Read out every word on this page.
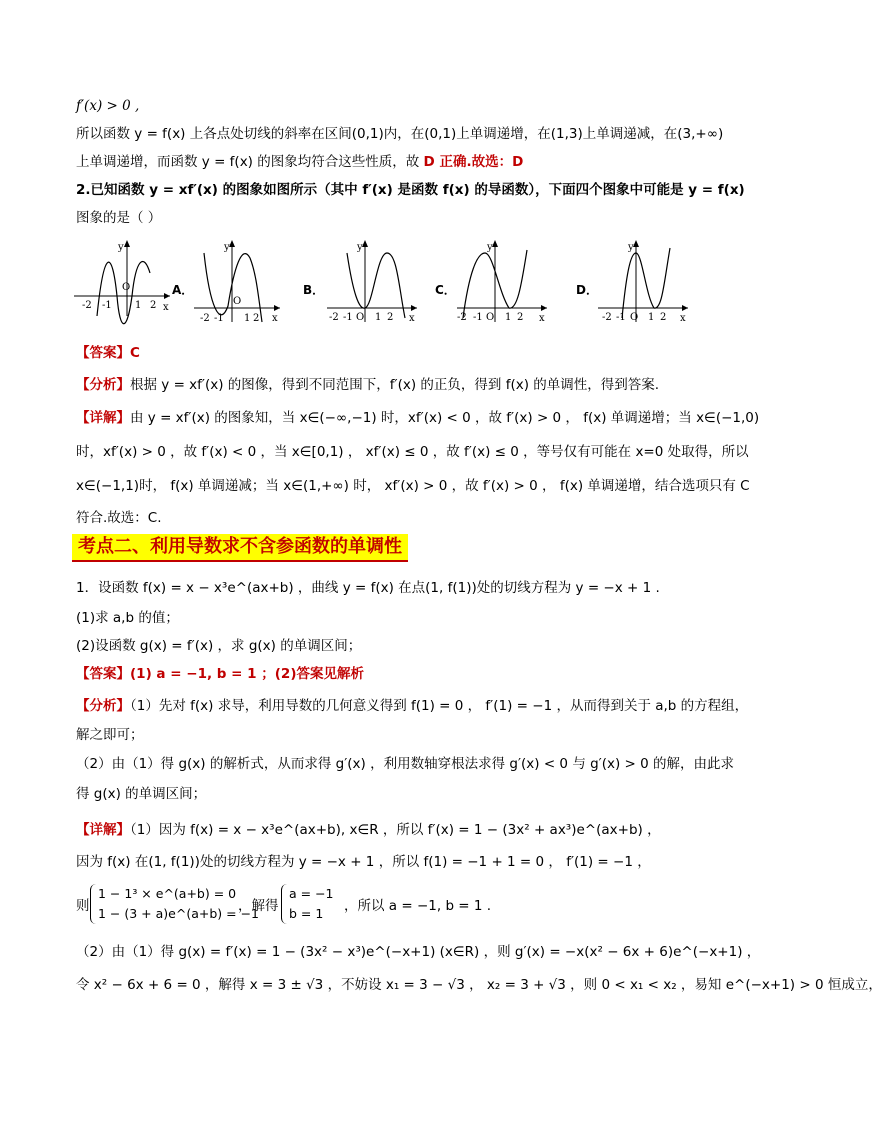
f′(x) > 0 ,
所以函数 y = f(x) 上各点处切线的斜率在区间(0,1)内，在(0,1)上单调递增，在(1,3)上单调递减，在(3,+∞)
上单调递增，而函数 y = f(x) 的图象均符合这些性质，故 D 正确.故选：D
2.已知函数 y = xf′(x) 的图象如图所示（其中 f′(x) 是函数 f(x) 的导函数），下面四个图象中可能是 y = f(x)
图象的是（ ）
y
x
O
-2 -1 1 2
A．
y
x
O
-2 -1 1 2
B．
y
x
O
-2 -1 1 2
C．
y
x
O
-2 -1 1 2
D．
y
x
O
-2 -1 1 2
【答案】C
【分析】根据 y = xf′(x) 的图像，得到不同范围下，f′(x) 的正负，得到 f(x) 的单调性，得到答案.
【详解】由 y = xf′(x) 的图象知，当 x∈(−∞,−1) 时，xf′(x) < 0 ，故 f′(x) > 0 ， f(x) 单调递增；当 x∈(−1,0)
时，xf′(x) > 0 ，故 f′(x) < 0 ，当 x∈[0,1) ， xf′(x) ≤ 0 ，故 f′(x) ≤ 0 ，等号仅有可能在 x=0 处取得，所以
x∈(−1,1)时， f(x) 单调递减；当 x∈(1,+∞) 时， xf′(x) > 0 ，故 f′(x) > 0 ， f(x) 单调递增，结合选项只有 C
符合.故选：C.
考点二、利用导数求不含参函数的单调性
1．设函数 f(x) = x − x³e^(ax+b) ，曲线 y = f(x) 在点(1, f(1))处的切线方程为 y = −x + 1 .
(1)求 a,b 的值；
(2)设函数 g(x) = f′(x) ，求 g(x) 的单调区间；
【答案】(1) a = −1, b = 1 ；(2)答案见解析
【分析】（1）先对 f(x) 求导，利用导数的几何意义得到 f(1) = 0 ， f′(1) = −1 ，从而得到关于 a,b 的方程组，
解之即可；
（2）由（1）得 g(x) 的解析式，从而求得 g′(x) ，利用数轴穿根法求得 g′(x) < 0 与 g′(x) > 0 的解，由此求
得 g(x) 的单调区间；
【详解】（1）因为 f(x) = x − x³e^(ax+b), x∈R ，所以 f′(x) = 1 − (3x² + ax³)e^(ax+b) ，
因为 f(x) 在(1, f(1))处的切线方程为 y = −x + 1 ，所以 f(1) = −1 + 1 = 0 ， f′(1) = −1 ，
则
1 − 1³ × e^(a+b) = 0
1 − (3 + a)e^(a+b) = −1
，解得
a = −1
b = 1	，所以 a = −1, b = 1 .
（2）由（1）得 g(x) = f′(x) = 1 − (3x² − x³)e^(−x+1) (x∈R) ，则 g′(x) = −x(x² − 6x + 6)e^(−x+1) ，
令 x² − 6x + 6 = 0 ，解得 x = 3 ± √3 ，不妨设 x₁ = 3 − √3 ， x₂ = 3 + √3 ，则 0 < x₁ < x₂ ，易知 e^(−x+1) > 0 恒成立，
